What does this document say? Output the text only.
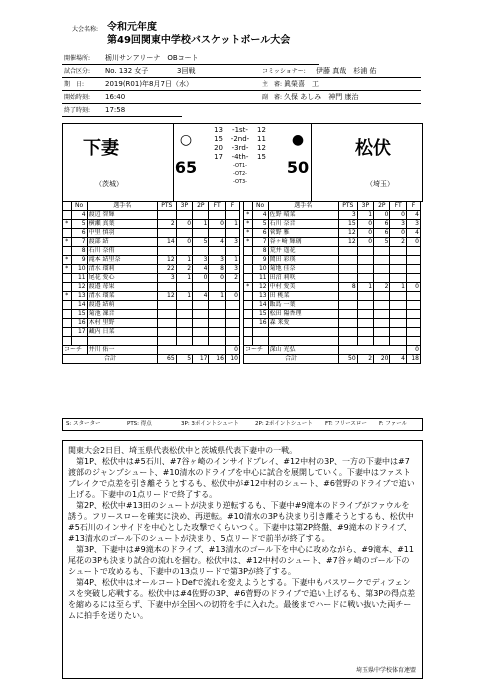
大会名称: 令和元年度
第49回関東中学校バスケットボール大会
開催場所: 栃川サンアリーナ　OBコート
試合区分: No. 132 女子	3回戦	コミッショナー: 伊藤 真哉　杉浦 佑
期　日:	2019(R01)年8月7日（水）	主　審: 眞榮喜　工
開始時刻: 16:40	副　審: 久保 あしみ　神門 康治
終了時刻: 17:58
下妻
（茨城）
○
65
13	-1st-	12
15	-2nd-	11
20	-3rd-	12
17	-4th-	15
-OT1-
-OT2-
-OT3-
●
50
松伏
（埼玉）
	No	選手名	PTS	3P	2P	FT	F
	4	渡辺 智輝					
*	5	横瀬 真葉	2	0	1	0	1
	6	中里 慎羽					
*	7	渡部 結	14	0	5	4	3
	8	石川 奈侑					
*	9	滝本 結里奈	12	1	3	3	1
*	10	清水 瑠莉	22	2	4	8	3
	11	尾花 愛心	3	1	0	0	2
	12	渡邉 苺果					
*	13	清水 瑠菜	12	1	4	1	0
	14	渡邉 結萌					
	15	菊池 凜音					
	16	木村 里野					
	17	藏内 日菜					

コーチ		井川 佑一					0
合計			65	5	17	16	10
	No	選手名	PTS	3P	2P	FT	F
*	4	佐野 晴菜	3	1	0	0	4
*	5	石川 奈音	15	0	6	3	3
*	6	菅野 雅	12	0	6	0	4
*	7	谷ヶ崎 輝璃	12	0	5	2	0
	8	荒井 遥花					
	9	岡田 彩瑛					
	10	菊地 佳奈					
	11	田沼 莉咲					
*	12	中村 愛美	8	1	2	1	0
	13	田 桃菜					
	14	飯島 一葉					
	15	松田 陽香理					
	16	森 来愛					

コーチ		深山 光弘					0
合計			50	2	20	4	18
S: スターター	PTS: 得点	3P: 3ポイントシュート	2P: 2ポイントシュート FT: フリースロー F: ファール

関東大会2日目、埼玉県代表松伏中と茨城県代表下妻中の一戦。

第1P、松伏中は#5石川、#7谷ヶ崎のインサイドプレイ、#12中村の3P、一方の下妻中は#7渡部のジャンプシュート、#10清水のドライブを中心に試合を展開していく。下妻中はファストブレイクで点差を引き離そうとするも、松伏中が#12中村のシュート、#6菅野のドライブで追い上げる。下妻中の1点リードで終了する。

第2P、松伏中#13田のシュートが決まり逆転するも、下妻中#9滝本のドライブがファウルを誘う。フリースローを確実に決め、再逆転。#10清水の3Pも決まり引き離そうとするも、松伏中#5石川のインサイドを中心とした攻撃でくらいつく。下妻中は第2P終盤、#9滝本のドライブ、#13清水のゴール下のシュートが決まり、5点リードで前半が終了する。

第3P、下妻中は#9滝本のドライブ、#13清水のゴール下を中心に攻めながら、#9滝本、#11尾花の3Pも決まり試合の流れを掴む。松伏中は、#12中村のシュート、#7谷ヶ崎のゴール下のシュートで攻めるも、下妻中の13点リードで第3Pが終了する。

第4P、松伏中はオールコートDefで流れを変えようとする。下妻中もパスワークでディフェンスを突破し応戦する。松伏中は#4佐野の3P、#6菅野のドライブで追い上げるも、第3Pの得点差を縮めるには至らず、下妻中が全国への切符を手に入れた。最後までハードに戦い抜いた両チームに拍手を送りたい。

埼玉県中学校体育連盟
